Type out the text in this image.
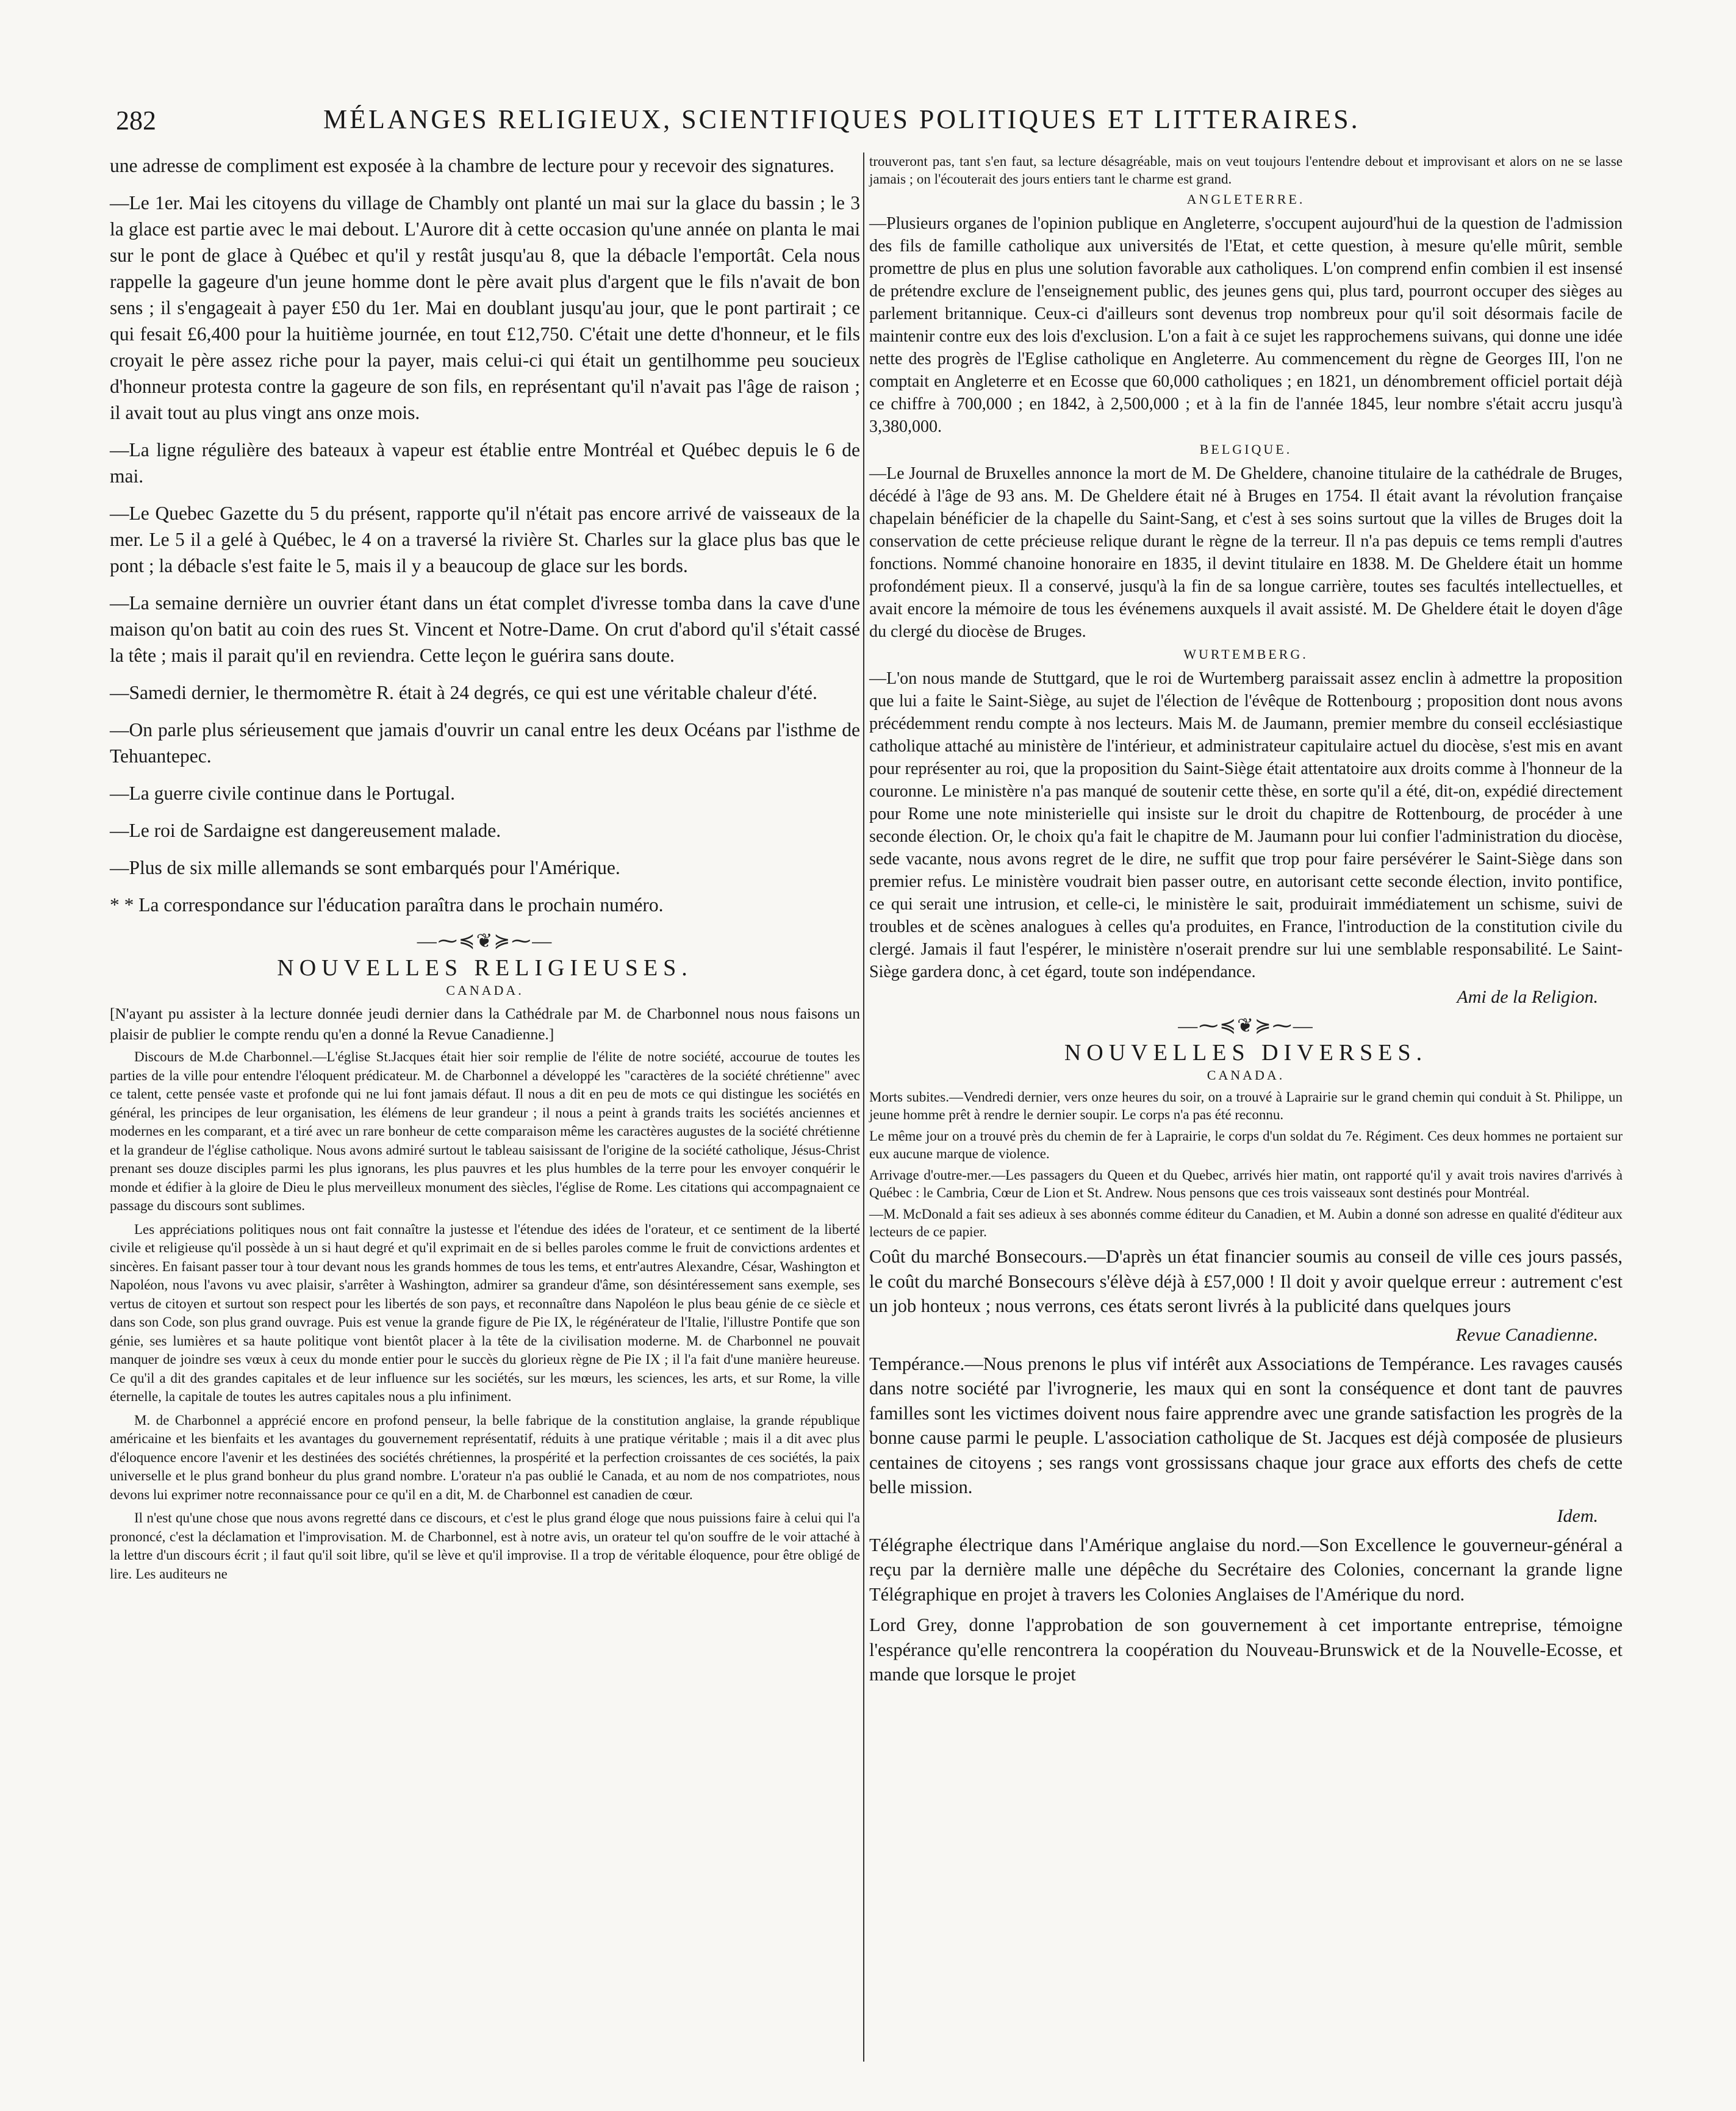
282	MÉLANGES RELIGIEUX, SCIENTIFIQUES POLITIQUES ET LITTERAIRES.

une adresse de compliment est exposée à la chambre de lecture pour y recevoir des signatures.

—Le 1er. Mai les citoyens du village de Chambly ont planté un mai sur la glace du bassin ; le 3 la glace est partie avec le mai debout. L'Aurore dit à cette occasion qu'une année on planta le mai sur le pont de glace à Québec et qu'il y restât jusqu'au 8, que la débacle l'emportât. Cela nous rappelle la gageure d'un jeune homme dont le père avait plus d'argent que le fils n'avait de bon sens ; il s'engageait à payer £50 du 1er. Mai en doublant jusqu'au jour, que le pont partirait ; ce qui fesait £6,400 pour la huitième journée, en tout £12,750. C'était une dette d'honneur, et le fils croyait le père assez riche pour la payer, mais celui-ci qui était un gentilhomme peu soucieux d'honneur protesta contre la gageure de son fils, en représentant qu'il n'avait pas l'âge de raison ; il avait tout au plus vingt ans onze mois.

—La ligne régulière des bateaux à vapeur est établie entre Montréal et Québec depuis le 6 de mai.

—Le Quebec Gazette du 5 du présent, rapporte qu'il n'était pas encore arrivé de vaisseaux de la mer. Le 5 il a gelé à Québec, le 4 on a traversé la rivière St. Charles sur la glace plus bas que le pont ; la débacle s'est faite le 5, mais il y a beaucoup de glace sur les bords.

—La semaine dernière un ouvrier étant dans un état complet d'ivresse tomba dans la cave d'une maison qu'on batit au coin des rues St. Vincent et Notre-Dame. On crut d'abord qu'il s'était cassé la tête ; mais il parait qu'il en reviendra. Cette leçon le guérira sans doute.

—Samedi dernier, le thermomètre R. était à 24 degrés, ce qui est une véritable chaleur d'été.

—On parle plus sérieusement que jamais d'ouvrir un canal entre les deux Océans par l'isthme de Tehuantepec.

—La guerre civile continue dans le Portugal.

—Le roi de Sardaigne est dangereusement malade.

—Plus de six mille allemands se sont embarqués pour l'Amérique.

* * La correspondance sur l'éducation paraîtra dans le prochain numéro.

—⁓≼❦≽⁓—
NOUVELLES RELIGIEUSES.
CANADA.

[N'ayant pu assister à la lecture donnée jeudi dernier dans la Cathédrale par M. de Charbonnel nous nous faisons un plaisir de publier le compte rendu qu'en a donné la Revue Canadienne.]

Discours de M.de Charbonnel.—L'église St.Jacques était hier soir remplie de l'élite de notre société, accourue de toutes les parties de la ville pour entendre l'éloquent prédicateur. M. de Charbonnel a développé les "caractères de la société chrétienne" avec ce talent, cette pensée vaste et profonde qui ne lui font jamais défaut. Il nous a dit en peu de mots ce qui distingue les sociétés en général, les principes de leur organisation, les élémens de leur grandeur ; il nous a peint à grands traits les sociétés anciennes et modernes en les comparant, et a tiré avec un rare bonheur de cette comparaison même les caractères augustes de la société chrétienne et la grandeur de l'église catholique. Nous avons admiré surtout le tableau saisissant de l'origine de la société catholique, Jésus-Christ prenant ses douze disciples parmi les plus ignorans, les plus pauvres et les plus humbles de la terre pour les envoyer conquérir le monde et édifier à la gloire de Dieu le plus merveilleux monument des siècles, l'église de Rome. Les citations qui accompagnaient ce passage du discours sont sublimes.

Les appréciations politiques nous ont fait connaître la justesse et l'étendue des idées de l'orateur, et ce sentiment de la liberté civile et religieuse qu'il possède à un si haut degré et qu'il exprimait en de si belles paroles comme le fruit de convictions ardentes et sincères. En faisant passer tour à tour devant nous les grands hommes de tous les tems, et entr'autres Alexandre, César, Washington et Napoléon, nous l'avons vu avec plaisir, s'arrêter à Washington, admirer sa grandeur d'âme, son désintéressement sans exemple, ses vertus de citoyen et surtout son respect pour les libertés de son pays, et reconnaître dans Napoléon le plus beau génie de ce siècle et dans son Code, son plus grand ouvrage. Puis est venue la grande figure de Pie IX, le régénérateur de l'Italie, l'illustre Pontife que son génie, ses lumières et sa haute politique vont bientôt placer à la tête de la civilisation moderne. M. de Charbonnel ne pouvait manquer de joindre ses vœux à ceux du monde entier pour le succès du glorieux règne de Pie IX ; il l'a fait d'une manière heureuse. Ce qu'il a dit des grandes capitales et de leur influence sur les sociétés, sur les mœurs, les sciences, les arts, et sur Rome, la ville éternelle, la capitale de toutes les autres capitales nous a plu infiniment.

M. de Charbonnel a apprécié encore en profond penseur, la belle fabrique de la constitution anglaise, la grande république américaine et les bienfaits et les avantages du gouvernement représentatif, réduits à une pratique véritable ; mais il a dit avec plus d'éloquence encore l'avenir et les destinées des sociétés chrétiennes, la prospérité et la perfection croissantes de ces sociétés, la paix universelle et le plus grand bonheur du plus grand nombre. L'orateur n'a pas oublié le Canada, et au nom de nos compatriotes, nous devons lui exprimer notre reconnaissance pour ce qu'il en a dit, M. de Charbonnel est canadien de cœur.

Il n'est qu'une chose que nous avons regretté dans ce discours, et c'est le plus grand éloge que nous puissions faire à celui qui l'a prononcé, c'est la déclamation et l'improvisation. M. de Charbonnel, est à notre avis, un orateur tel qu'on souffre de le voir attaché à la lettre d'un discours écrit ; il faut qu'il soit libre, qu'il se lève et qu'il improvise. Il a trop de véritable éloquence, pour être obligé de lire. Les auditeurs ne

trouveront pas, tant s'en faut, sa lecture désagréable, mais on veut toujours l'entendre debout et improvisant et alors on ne se lasse jamais ; on l'écouterait des jours entiers tant le charme est grand.

ANGLETERRE.

—Plusieurs organes de l'opinion publique en Angleterre, s'occupent aujourd'hui de la question de l'admission des fils de famille catholique aux universités de l'Etat, et cette question, à mesure qu'elle mûrit, semble promettre de plus en plus une solution favorable aux catholiques. L'on comprend enfin combien il est insensé de prétendre exclure de l'enseignement public, des jeunes gens qui, plus tard, pourront occuper des sièges au parlement britannique. Ceux-ci d'ailleurs sont devenus trop nombreux pour qu'il soit désormais facile de maintenir contre eux des lois d'exclusion. L'on a fait à ce sujet les rapprochemens suivans, qui donne une idée nette des progrès de l'Eglise catholique en Angleterre. Au commencement du règne de Georges III, l'on ne comptait en Angleterre et en Ecosse que 60,000 catholiques ; en 1821, un dénombrement officiel portait déjà ce chiffre à 700,000 ; en 1842, à 2,500,000 ; et à la fin de l'année 1845, leur nombre s'était accru jusqu'à 3,380,000.

BELGIQUE.

—Le Journal de Bruxelles annonce la mort de M. De Gheldere, chanoine titulaire de la cathédrale de Bruges, décédé à l'âge de 93 ans. M. De Gheldere était né à Bruges en 1754. Il était avant la révolution française chapelain bénéficier de la chapelle du Saint-Sang, et c'est à ses soins surtout que la villes de Bruges doit la conservation de cette précieuse relique durant le règne de la terreur. Il n'a pas depuis ce tems rempli d'autres fonctions. Nommé chanoine honoraire en 1835, il devint titulaire en 1838. M. De Gheldere était un homme profondément pieux. Il a conservé, jusqu'à la fin de sa longue carrière, toutes ses facultés intellectuelles, et avait encore la mémoire de tous les événemens auxquels il avait assisté. M. De Gheldere était le doyen d'âge du clergé du diocèse de Bruges.

WURTEMBERG.

—L'on nous mande de Stuttgard, que le roi de Wurtemberg paraissait assez enclin à admettre la proposition que lui a faite le Saint-Siège, au sujet de l'élection de l'évêque de Rottenbourg ; proposition dont nous avons précédemment rendu compte à nos lecteurs. Mais M. de Jaumann, premier membre du conseil ecclésiastique catholique attaché au ministère de l'intérieur, et administrateur capitulaire actuel du diocèse, s'est mis en avant pour représenter au roi, que la proposition du Saint-Siège était attentatoire aux droits comme à l'honneur de la couronne. Le ministère n'a pas manqué de soutenir cette thèse, en sorte qu'il a été, dit-on, expédié directement pour Rome une note ministerielle qui insiste sur le droit du chapitre de Rottenbourg, de procéder à une seconde élection. Or, le choix qu'a fait le chapitre de M. Jaumann pour lui confier l'administration du diocèse, sede vacante, nous avons regret de le dire, ne suffit que trop pour faire persévérer le Saint-Siège dans son premier refus. Le ministère voudrait bien passer outre, en autorisant cette seconde élection, invito pontifice, ce qui serait une intrusion, et celle-ci, le ministère le sait, produirait immédiatement un schisme, suivi de troubles et de scènes analogues à celles qu'a produites, en France, l'introduction de la constitution civile du clergé. Jamais il faut l'espérer, le ministère n'oserait prendre sur lui une semblable responsabilité. Le Saint-Siège gardera donc, à cet égard, toute son indépendance.

Ami de la Religion.
—⁓≼❦≽⁓—
NOUVELLES DIVERSES.
CANADA.

Morts subites.—Vendredi dernier, vers onze heures du soir, on a trouvé à Laprairie sur le grand chemin qui conduit à St. Philippe, un jeune homme prêt à rendre le dernier soupir. Le corps n'a pas été reconnu.

Le même jour on a trouvé près du chemin de fer à Laprairie, le corps d'un soldat du 7e. Régiment. Ces deux hommes ne portaient sur eux aucune marque de violence.

Arrivage d'outre-mer.—Les passagers du Queen et du Quebec, arrivés hier matin, ont rapporté qu'il y avait trois navires d'arrivés à Québec : le Cambria, Cœur de Lion et St. Andrew. Nous pensons que ces trois vaisseaux sont destinés pour Montréal.

—M. McDonald a fait ses adieux à ses abonnés comme éditeur du Canadien, et M. Aubin a donné son adresse en qualité d'éditeur aux lecteurs de ce papier.

Coût du marché Bonsecours.—D'après un état financier soumis au conseil de ville ces jours passés, le coût du marché Bonsecours s'élève déjà à £57,000 ! Il doit y avoir quelque erreur : autrement c'est un job honteux ; nous verrons, ces états seront livrés à la publicité dans quelques jours

Revue Canadienne.

Tempérance.—Nous prenons le plus vif intérêt aux Associations de Tempérance. Les ravages causés dans notre société par l'ivrognerie, les maux qui en sont la conséquence et dont tant de pauvres familles sont les victimes doivent nous faire apprendre avec une grande satisfaction les progrès de la bonne cause parmi le peuple. L'association catholique de St. Jacques est déjà composée de plusieurs centaines de citoyens ; ses rangs vont grossissans chaque jour grace aux efforts des chefs de cette belle mission.

Idem.

Télégraphe électrique dans l'Amérique anglaise du nord.—Son Excellence le gouverneur-général a reçu par la dernière malle une dépêche du Secrétaire des Colonies, concernant la grande ligne Télégraphique en projet à travers les Colonies Anglaises de l'Amérique du nord.

Lord Grey, donne l'approbation de son gouvernement à cet importante entreprise, témoigne l'espérance qu'elle rencontrera la coopération du Nouveau-Brunswick et de la Nouvelle-Ecosse, et mande que lorsque le projet
